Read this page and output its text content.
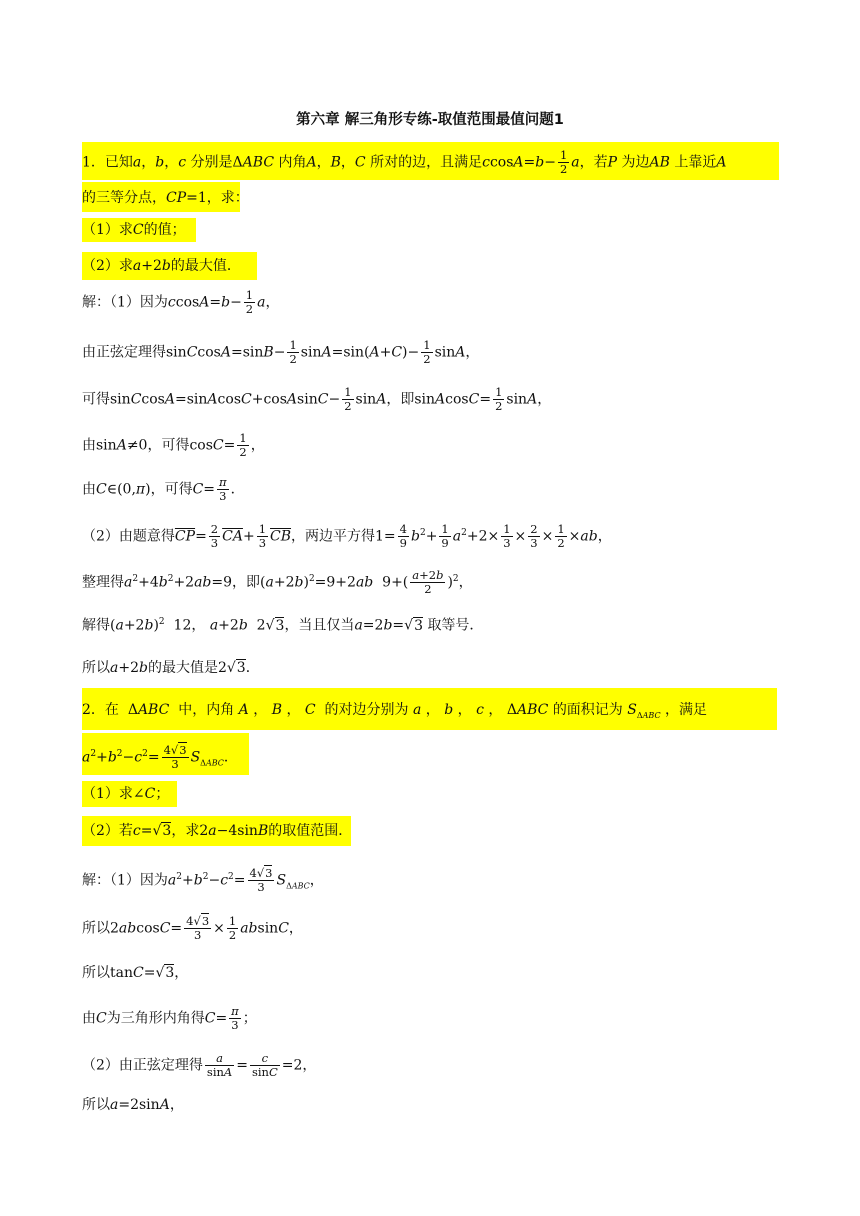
第六章 解三角形专练-取值范围最值问题1
1．已知a，b，c 分别是ΔABC 内角A，B，C 所对的边，且满足$ccosA=b- \frac{1}{2}$ a，若P 为边AB 上靠近A
的三等分点，CP=1，求：
（1）求C的值；
（2）求a+2b的最大值．
解：（1）因为$ccosA=b- \frac{1}{2}$ a，
由正弦定理得sinCcosA=sinB− $\frac{1}{2} \sin A=\sin(A+C)- \frac{1}{2}$ sinA，
可得sinCcosA=sinAcosC+cosAsinC− $\frac{1}{2}$ sinA，即sinAcosC= $\frac{1}{2}$ sinA，
由sinA≠0，可得$\cos C= \frac{1}{2}$ ，
由C∈(0,π)，可得$C= \frac{\pi}{3}$ ．
（2）由题意得$\overline{CP}= \frac{2}{3} \overline{CA}+ \frac{1}{3} \overline{CB}$，两边平方得$1= \frac{4}{9} b^2+ \frac{1}{9} a^2+2\times \frac{1}{3} \times \frac{2}{3} \times \frac{1}{2} \times ab$，
整理得$a^2+4b^2+2ab=9$，即$(a+2b)^2=9+2ab$  $9+( \frac{a+2b}{2} )^2$，
解得$(a+2b)^2$  12， a+2b  2√3，当且仅当a=2b=√3 取等号．
所以a+2b的最大值是2√3．
2．在  ΔABC 中，内角 A ， B ， C 的对边分别为 a ， b ， c ， ΔABC 的面积记为 $S_{\Delta ABC}$ ，满足
$a^2+b^2-c^2= \frac{4√3}{3} S_{\Delta ABC}$．
（1）求∠C；
（2）若c=√3，求2a−4sinB的取值范围．
解：（1）因为$a^2+b^2-c^2= \frac{4√3}{3} S_{\Delta ABC}$，
所以$2abcosC= \frac{4√3}{3} \times \frac{1}{2}$ absinC，
所以tanC=√3，
由C为三角形内角得$C= \frac{\pi}{3}$ ；
（2）由正弦定理得 $\frac{a}{\sin A} = \frac{c}{\sin C} =2$，
所以a=2sinA，
